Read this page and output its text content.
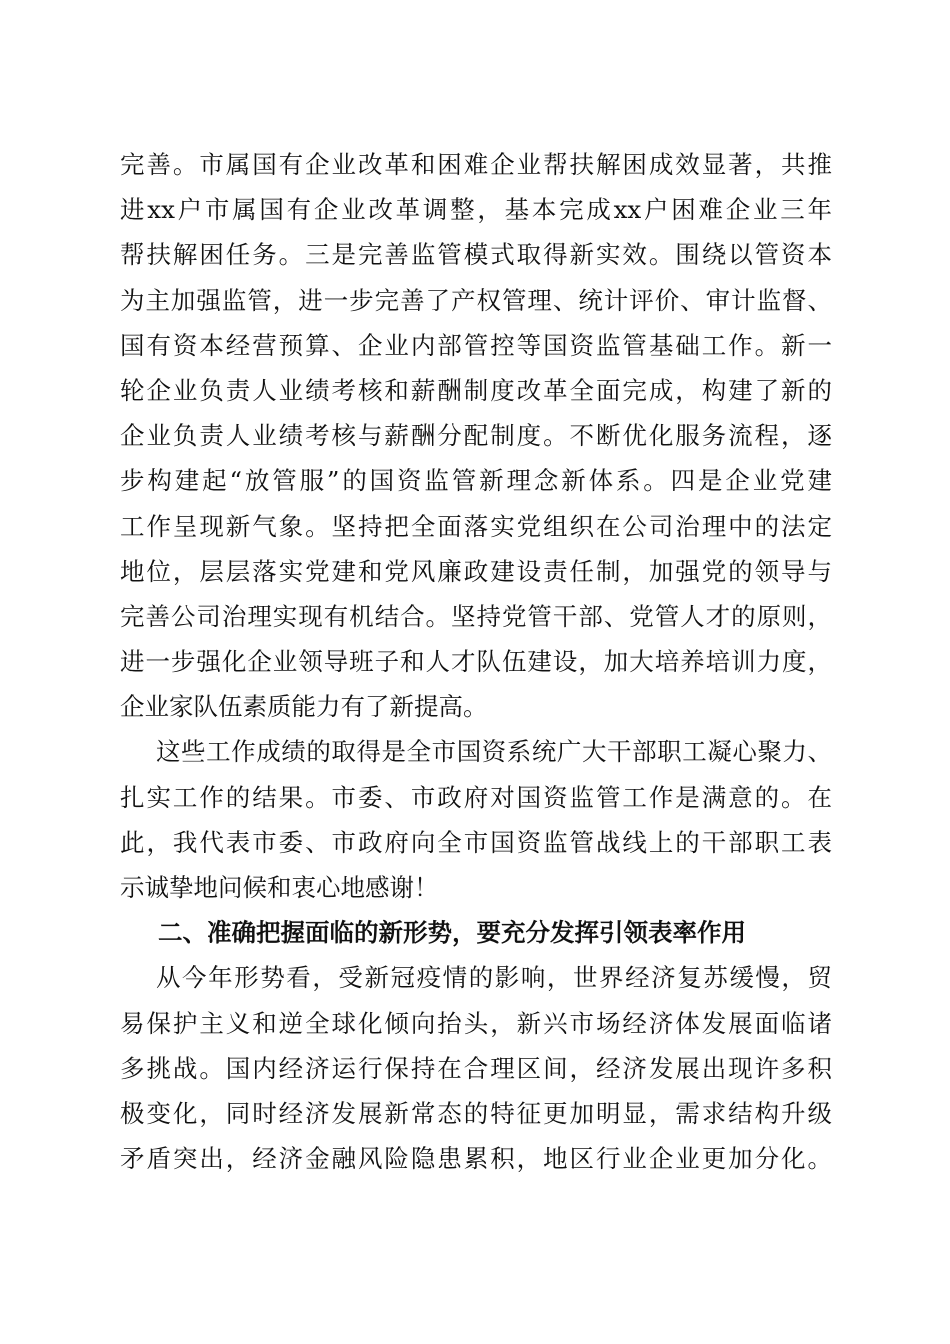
完善。市属国有企业改革和困难企业帮扶解困成效显著，共推
进xx户市属国有企业改革调整，基本完成xx户困难企业三年
帮扶解困任务。三是完善监管模式取得新实效。围绕以管资本
为主加强监管，进一步完善了产权管理、统计评价、审计监督、
国有资本经营预算、企业内部管控等国资监管基础工作。新一
轮企业负责人业绩考核和薪酬制度改革全面完成，构建了新的
企业负责人业绩考核与薪酬分配制度。不断优化服务流程，逐
步构建起“放管服”的国资监管新理念新体系。四是企业党建
工作呈现新气象。坚持把全面落实党组织在公司治理中的法定
地位，层层落实党建和党风廉政建设责任制，加强党的领导与
完善公司治理实现有机结合。坚持党管干部、党管人才的原则，
进一步强化企业领导班子和人才队伍建设，加大培养培训力度，
企业家队伍素质能力有了新提高。
这些工作成绩的取得是全市国资系统广大干部职工凝心聚力、
扎实工作的结果。市委、市政府对国资监管工作是满意的。在
此，我代表市委、市政府向全市国资监管战线上的干部职工表
示诚挚地问候和衷心地感谢！
二、准确把握面临的新形势，要充分发挥引领表率作用
从今年形势看，受新冠疫情的影响，世界经济复苏缓慢，贸
易保护主义和逆全球化倾向抬头，新兴市场经济体发展面临诸
多挑战。国内经济运行保持在合理区间，经济发展出现许多积
极变化，同时经济发展新常态的特征更加明显，需求结构升级
矛盾突出，经济金融风险隐患累积，地区行业企业更加分化。
